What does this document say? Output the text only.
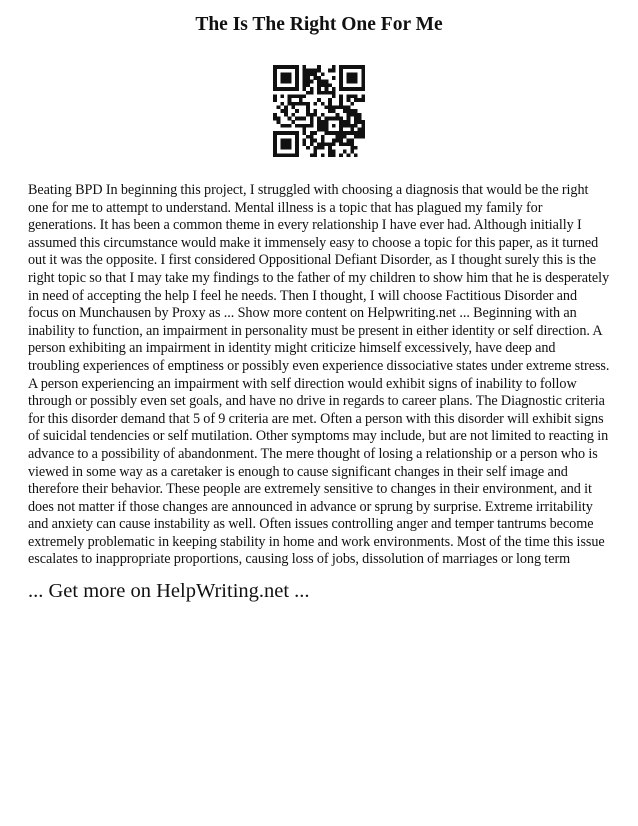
The Is The Right One For Me

Beating BPD In beginning this project, I struggled with choosing a diagnosis that would be the right one for me to attempt to understand. Mental illness is a topic that has plagued my family for generations. It has been a common theme in every relationship I have ever had. Although initially I assumed this circumstance would make it immensely easy to choose a topic for this paper, as it turned out it was the opposite. I first considered Oppositional Defiant Disorder, as I thought surely this is the right topic so that I may take my findings to the father of my children to show him that he is desperately in need of accepting the help I feel he needs. Then I thought, I will choose Factitious Disorder and focus on Munchausen by Proxy as ... Show more content on Helpwriting.net ... Beginning with an inability to function, an impairment in personality must be present in either identity or self direction. A person exhibiting an impairment in identity might criticize himself excessively, have deep and troubling experiences of emptiness or possibly even experience dissociative states under extreme stress. A person experiencing an impairment with self direction would exhibit signs of inability to follow through or possibly even set goals, and have no drive in regards to career plans. The Diagnostic criteria for this disorder demand that 5 of 9 criteria are met. Often a person with this disorder will exhibit signs of suicidal tendencies or self mutilation. Other symptoms may include, but are not limited to reacting in advance to a possibility of abandonment. The mere thought of losing a relationship or a person who is viewed in some way as a caretaker is enough to cause significant changes in their self image and therefore their behavior. These people are extremely sensitive to changes in their environment, and it does not matter if those changes are announced in advance or sprung by surprise. Extreme irritability and anxiety can cause instability as well. Often issues controlling anger and temper tantrums become extremely problematic in keeping stability in home and work environments. Most of the time this issue escalates to inappropriate proportions, causing loss of jobs, dissolution of marriages or long term

... Get more on HelpWriting.net ...
